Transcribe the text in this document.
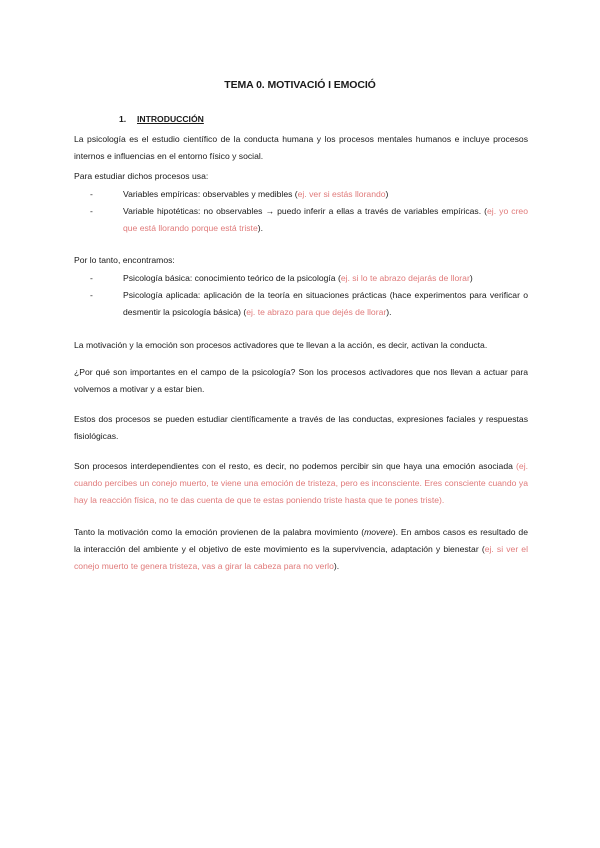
TEMA 0. MOTIVACIÓ I EMOCIÓ
1. INTRODUCCIÓN
La psicología es el estudio científico de la conducta humana y los procesos mentales humanos e incluye procesos internos e influencias en el entorno físico y social.
Para estudiar dichos procesos usa:
-	Variables empíricas: observables y medibles (ej. ver si estás llorando)
-	Variable hipotéticas: no observables → puedo inferir a ellas a través de variables empíricas. (ej. yo creo que está llorando porque está triste).
Por lo tanto, encontramos:
-	Psicología básica: conocimiento teórico de la psicología (ej. si lo te abrazo dejarás de llorar)
-	Psicología aplicada: aplicación de la teoría en situaciones prácticas (hace experimentos para verificar o desmentir la psicología básica) (ej. te abrazo para que dejés de llorar).
La motivación y la emoción son procesos activadores que te llevan a la acción, es decir, activan la conducta.
¿Por qué son importantes en el campo de la psicología? Son los procesos activadores que nos llevan a actuar para volvemos a motivar y a estar bien.
Estos dos procesos se pueden estudiar científicamente a través de las conductas, expresiones faciales y respuestas fisiológicas.
Son procesos interdependientes con el resto, es decir, no podemos percibir sin que haya una emoción asociada (ej. cuando percibes un conejo muerto, te viene una emoción de tristeza, pero es inconsciente. Eres consciente cuando ya hay la reacción física, no te das cuenta de que te estas poniendo triste hasta que te pones triste).
Tanto la motivación como la emoción provienen de la palabra movimiento (movere). En ambos casos es resultado de la interacción del ambiente y el objetivo de este movimiento es la supervivencia, adaptación y bienestar (ej. si ver el conejo muerto te genera tristeza, vas a girar la cabeza para no verlo).
